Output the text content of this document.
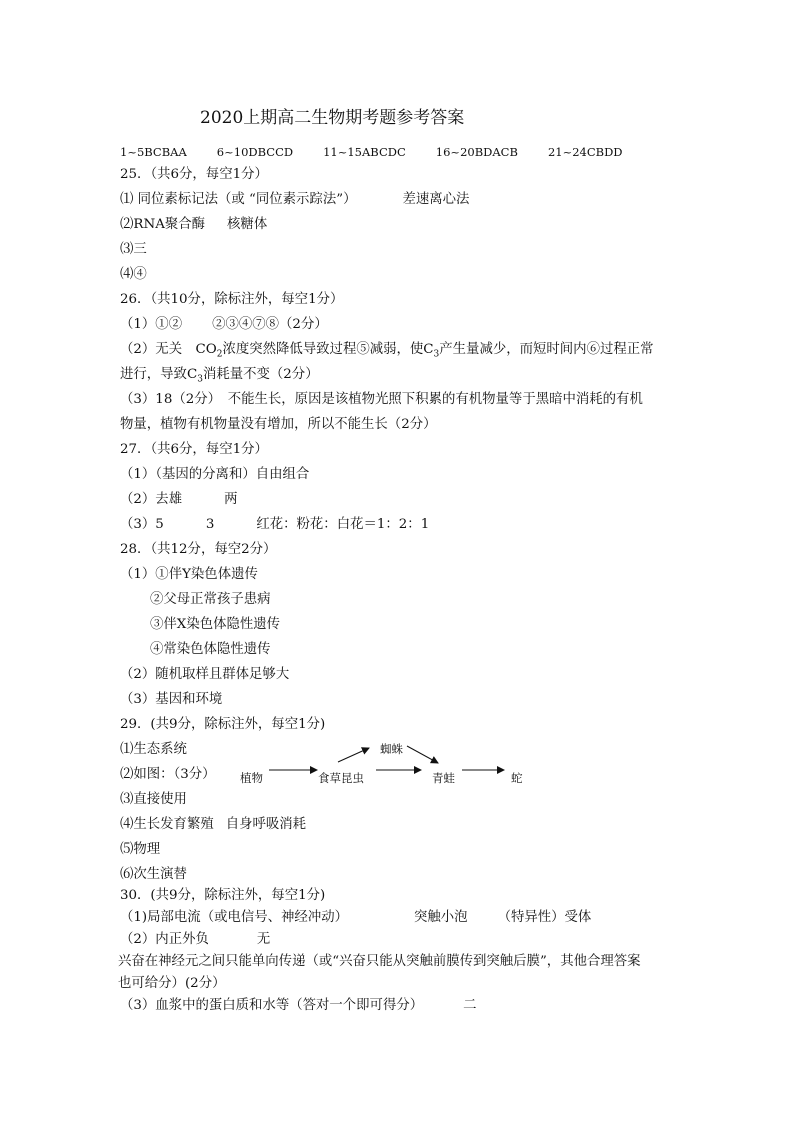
2020上期高二生物期考题参考答案
1~5BCBAA	6~10DBCCD	11~15ABCDC	16~20BDACB	21~24CBDD
25．（共6分，每空1分）
⑴ 同位素标记法（或 “同位素示踪法”）	差速离心法
⑵RNA聚合酶 核糖体
⑶三
⑷④
26．（共10分，除标注外，每空1分）
（1）①② ②③④⑦⑧（2分）
（2）无关　$CO_2$浓度突然降低导致过程⑤减弱，使$C_3$产生量减少，而短时间内⑥过程正常
进行，导致$C_3$消耗量不变（2分）
（3）18（2分）　不能生长，原因是该植物光照下积累的有机物量等于黑暗中消耗的有机
物量，植物有机物量没有增加，所以不能生长（2分）
27．（共6分，每空1分）
（1）（基因的分离和）自由组合
（2）去雄	两
（3）5	3	红花：粉花：白花＝1：2：1
28．（共12分，每空2分）
（1）①伴Y染色体遗传
②父母正常孩子患病
③伴X染色体隐性遗传
④常染色体隐性遗传
（2）随机取样且群体足够大
（3）基因和环境
29．(共9分，除标注外，每空1分)
⑴生态系统
⑵如图：（3分） 植物	食草昆虫
蜘蛛
青蛙	蛇
⑶直接使用
⑷生长发育繁殖 自身呼吸消耗
⑸物理
⑹次生演替
30．(共9分，除标注外，每空1分)
（1)局部电流（或电信号、神经冲动）	突触小泡 （特异性）受体
（2）内正外负	无
兴奋在神经元之间只能单向传递（或“兴奋只能从突触前膜传到突触后膜”，其他合理答案
也可给分）(2分）
（3）血浆中的蛋白质和水等（答对一个即可得分）	二
